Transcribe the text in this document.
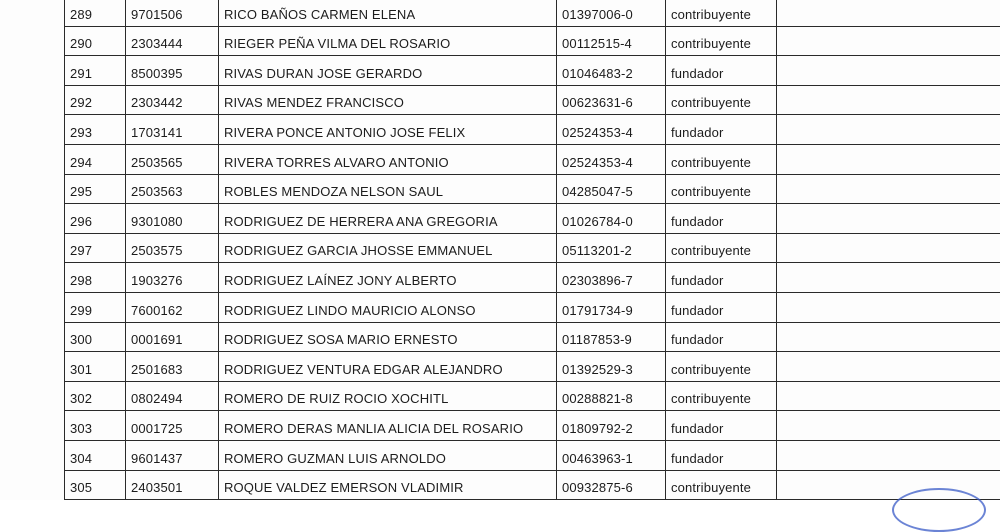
289	9701506	RICO BAÑOS CARMEN ELENA	01397006-0	contribuyente	
290	2303444	RIEGER PEÑA VILMA DEL ROSARIO	00112515-4	contribuyente	
291	8500395	RIVAS DURAN JOSE GERARDO	01046483-2	fundador	
292	2303442	RIVAS MENDEZ FRANCISCO	00623631-6	contribuyente	
293	1703141	RIVERA PONCE ANTONIO JOSE FELIX	02524353-4	fundador	
294	2503565	RIVERA TORRES ALVARO ANTONIO	02524353-4	contribuyente	
295	2503563	ROBLES MENDOZA NELSON SAUL	04285047-5	contribuyente	
296	9301080	RODRIGUEZ DE HERRERA ANA GREGORIA	01026784-0	fundador	
297	2503575	RODRIGUEZ GARCIA JHOSSE EMMANUEL	05113201-2	contribuyente	
298	1903276	RODRIGUEZ LAÍNEZ JONY ALBERTO	02303896-7	fundador	
299	7600162	RODRIGUEZ LINDO MAURICIO ALONSO	01791734-9	fundador	
300	0001691	RODRIGUEZ SOSA MARIO ERNESTO	01187853-9	fundador	
301	2501683	RODRIGUEZ VENTURA EDGAR ALEJANDRO	01392529-3	contribuyente	
302	0802494	ROMERO DE RUIZ ROCIO XOCHITL	00288821-8	contribuyente	
303	0001725	ROMERO DERAS MANLIA ALICIA DEL ROSARIO	01809792-2	fundador	
304	9601437	ROMERO GUZMAN LUIS ARNOLDO	00463963-1	fundador	
305	2403501	ROQUE VALDEZ EMERSON VLADIMIR	00932875-6	contribuyente	
